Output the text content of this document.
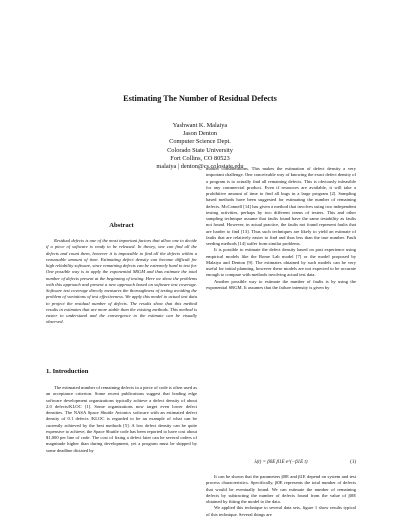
Estimating The Number of Residual Defects
Yashwant K. Malaiya
Jason Denton
Computer Science Dept.
Colorado State University
Fort Collins, CO 80523
malaiya | denton@cs.colostate.edu
Abstract

Residual defects is one of the most important factors that allow one to decide if a piece of software is ready to be released. In theory, one can find all the defects and count them, however it is impossible to find all the defects within a reasonable amount of time. Estimating defect density can become difficult for high reliability software, since remaining defects can be extremely hard to test for. One possible way is to apply the exponential SRGM and thus estimate the total number of defects present at the beginning of testing. Here we show the problems with this approach and present a new approach based on software test coverage. Software test coverage directly measures the thoroughness of testing avoiding the problem of variations of test effectiveness. We apply this model to actual test data to project the residual number of defects. The results show that this method results in estimates that are more stable than the existing methods. This method is easier to understand and the convergence to the estimate can be visually observed.

1. Introduction

The estimated number of remaining defects in a piece of code is often used as an acceptance criterion. Some recent publications suggest that leading edge software development organizations typically achieve a defect density of about 2.0 defects/KLOC [1]. Some organizations now target even lower defect densities. The NASA Space Shuttle Avionics software with an estimated defect density of 0.1 defects /KLOC is regarded to be an example of what can be currently achieved by the best methods [5]. A low defect density can be quite expensive to achieve, the Space Shuttle code has been reported to have cost about $1,000 per line of code. The cost of fixing a defect later can be several orders of magnitude higher than during development, yet a program must be shipped by some deadline dictated by

market considerations. This makes the estimation of defect density a very important challenge. One conceivable way of knowing the exact defect density of a program is to actually find all remaining defects. This is obviously infeasible for any commercial product. Even if resources are available, it will take a prohibitive amount of time to find all bugs in a large program [2]. Sampling based methods have been suggested for estimating the number of remaining defects. McConnell [14] has given a method that involves using two independent testing activities, perhaps by two different teams of testers. This and other sampling technique assume that faults found have the same testability as faults not found. However, in actual practice, the faults not found represent faults that are harder to find [13]. Thus such techniques are likely to yield an estimate of faults that are relatively easier to find and thus less than the true number. Fault seeding methods [14] suffer from similar problems.

It is possible to estimate the defect density based on past experience using empirical models like the Rome Lab model [7] or the model proposed by Malaiya and Denton [9]. The estimates obtained by such models can be very useful for initial planning, however these models are not expected to be accurate enough to compare with methods involving actual test data.

Another possible way to estimate the number of faults is by using the exponential SRGM. It assumes that the failure intensity is given by

λ(t) = β0E β1E e^(−β1E t)	(1)

It can be shown that the parameters β0E and β1E depend on system and test process characteristics. Specifically, β0E represents the total number of defects that would be eventually found. We can estimate the number of remaining defects by subtracting the number of defects found from the value of β0E obtained by fitting the model to the data.

We applied this technique to several data sets, figure 1 show results typical of this technique. Several things are
